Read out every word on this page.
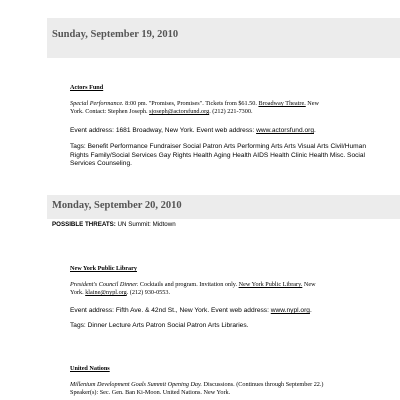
Sunday, September 19, 2010
Actors Fund
Special Performance. 8:00 pm. "Promises, Promises". Tickets from $61.50. Broadway Theatre. New
York. Contact: Stephen Joseph. sjoseph@actorsfund.org. (212) 221-7300.
Event address: 1681 Broadway, New York. Event web address: www.actorsfund.org.
Tags: Benefit Performance Fundraiser Social Patron Arts Performing Arts Arts Visual Arts Civil/Human Rights Family/Social Services Gay Rights Health Aging Health AIDS Health Clinic Health Misc. Social Services Counseling.
Monday, September 20, 2010
POSSIBLE THREATS: UN Summit: Midtown
New York Public Library
President's Council Dinner. Cocktails and program. Invitation only. New York Public Library. New
York. klaine@nypl.org. (212) 930-0553.
Event address: Fifth Ave. & 42nd St., New York. Event web address: www.nypl.org.
Tags: Dinner Lecture Arts Patron Social Patron Arts Libraries.
United Nations
Millenium Development Goals Summit Opening Day. Discussions. (Continues through September 22.)
Speaker(s): Sec. Gen. Ban Ki-Moon. United Nations. New York.
